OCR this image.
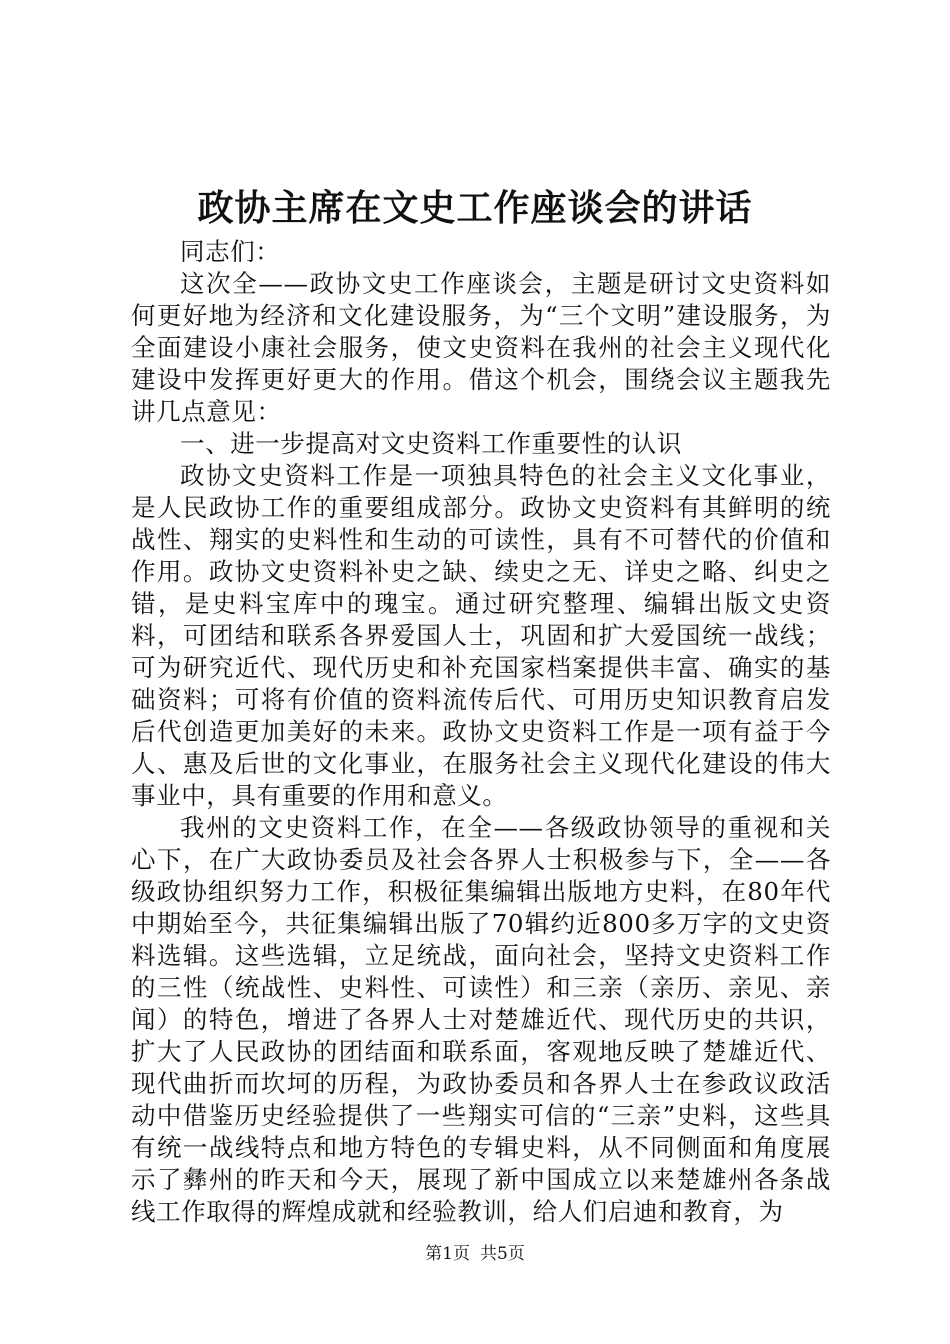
政协主席在文史工作座谈会的讲话

同志们：

这次全——政协文史工作座谈会，主题是研讨文史资料如何更好地为经济和文化建设服务，为“三个文明”建设服务，为全面建设小康社会服务，使文史资料在我州的社会主义现代化建设中发挥更好更大的作用。借这个机会，围绕会议主题我先讲几点意见：

一、进一步提高对文史资料工作重要性的认识

政协文史资料工作是一项独具特色的社会主义文化事业，是人民政协工作的重要组成部分。政协文史资料有其鲜明的统战性、翔实的史料性和生动的可读性，具有不可替代的价值和作用。政协文史资料补史之缺、续史之无、详史之略、纠史之错，是史料宝库中的瑰宝。通过研究整理、编辑出版文史资料，可团结和联系各界爱国人士，巩固和扩大爱国统一战线；可为研究近代、现代历史和补充国家档案提供丰富、确实的基础资料；可将有价值的资料流传后代、可用历史知识教育启发后代创造更加美好的未来。政协文史资料工作是一项有益于今人、惠及后世的文化事业，在服务社会主义现代化建设的伟大事业中，具有重要的作用和意义。

我州的文史资料工作，在全——各级政协领导的重视和关心下，在广大政协委员及社会各界人士积极参与下，全——各级政协组织努力工作，积极征集编辑出版地方史料，在80年代中期始至今，共征集编辑出版了70辑约近800多万字的文史资料选辑。这些选辑，立足统战，面向社会，坚持文史资料工作的三性（统战性、史料性、可读性）和三亲（亲历、亲见、亲闻）的特色，增进了各界人士对楚雄近代、现代历史的共识，扩大了人民政协的团结面和联系面，客观地反映了楚雄近代、现代曲折而坎坷的历程，为政协委员和各界人士在参政议政活动中借鉴历史经验提供了一些翔实可信的“三亲”史料，这些具有统一战线特点和地方特色的专辑史料，从不同侧面和角度展示了彝州的昨天和今天，展现了新中国成立以来楚雄州各条战线工作取得的辉煌成就和经验教训，给人们启迪和教育，为

第1页 共5页
